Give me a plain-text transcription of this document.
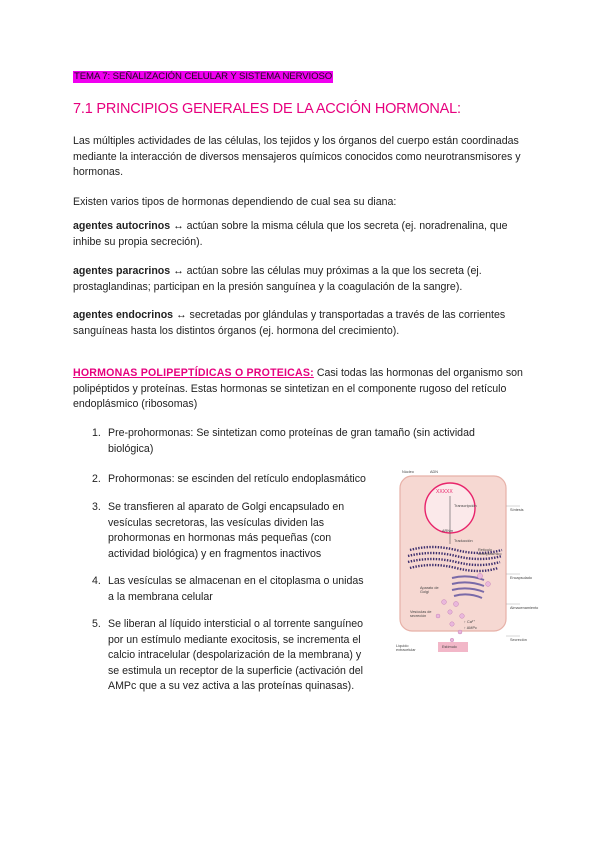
TEMA 7: SEÑALIZACIÓN CELULAR Y SISTEMA NERVIOSO
7.1 PRINCIPIOS GENERALES DE LA ACCIÓN HORMONAL:

Las múltiples actividades de las células, los tejidos y los órganos del cuerpo están coordinadas mediante la interacción de diversos mensajeros químicos conocidos como neurotransmisores y hormonas.

Existen varios tipos de hormonas dependiendo de cual sea su diana:

agentes autocrinos ↔ actúan sobre la misma célula que los secreta (ej. noradrenalina, que inhibe su propia secreción).

agentes paracrinos ↔ actúan sobre las células muy próximas a la que los secreta (ej. prostaglandinas; participan en la presión sanguínea y la coagulación de la sangre).

agentes endocrinos ↔ secretadas por glándulas y transportadas a través de las corrientes sanguíneas hasta los distintos órganos (ej. hormona del crecimiento).

HORMONAS POLIPEPTÍDICAS O PROTEICAS: Casi todas las hormonas del organismo son polipéptidos y proteínas. Estas hormonas se sintetizan en el componente rugoso del retículo endoplásmico (ribosomas)

1. Pre-prohormonas: Se sintetizan como proteínas de gran tamaño (sin actividad
biológica)
2. Prohormonas: se escinden del retículo endoplasmático
3. Se transfieren al aparato de Golgi encapsulado en
vesículas secretoras, las vesículas dividen las
prohormonas en hormonas más pequeñas (con
actividad biológica) y en fragmentos inactivos
4. Las vesículas se almacenan en el citoplasma o unidas
a la membrana celular
5. Se liberan al líquido intersticial o al torrente sanguíneo
por un estímulo mediante exocitosis, se incrementa el
calcio intracelular (despolarización de la membrana) y
se estimula un receptor de la superficie (activación del
AMPc que a su vez activa a las proteínas quinasas).
Núcleo	ADN
XXXXX
Transcripción
ARNm
Traducción
Retículo endoplasmico
Aparato de Golgi
Vesículas de secreción
↑ Ca²⁺
↑ AMPc
Líquido extracelular
Estímulo
Síntesis
Encapsulado
Almacenamiento
Secreción
